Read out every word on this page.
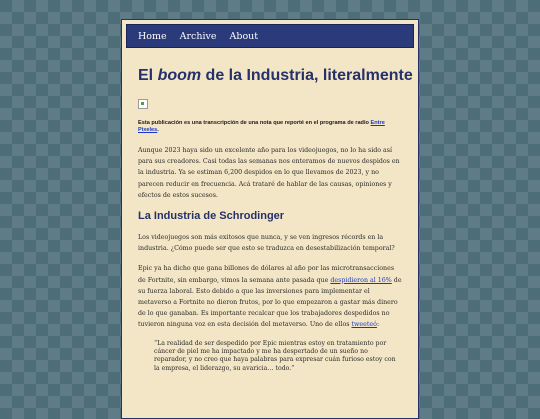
Home Archive About
El boom de la Industria, literalmente

Esta publicación es una transcripción de una nota que reporté en el programa de radio Entre Pixeles.

Aunque 2023 haya sido un excelente año para los videojuegos, no lo ha sido así para sus creadores. Casi todas las semanas nos enteramos de nuevos despidos en la industria. Ya se estiman 6,200 despidos en lo que llevamos de 2023, y no parecen reducir en frecuencia. Acá trataré de hablar de las causas, opiniones y efectos de estos sucesos.

La Industria de Schrodinger

Los videojuegos son más exitosos que nunca, y se ven ingresos récords en la industria. ¿Cómo puede ser que esto se traduzca en desestabilización temporal?

Epic ya ha dicho que gana billones de dólares al año por las microtransacciones de Fortnite, sin embargo, vimos la semana ante pasada que despidieron al 16% de su fuerza laboral. Esto debido a que las inversiones para implementar el metaverso a Fortnite no dieron frutos, por lo que empezaron a gastar más dinero de lo que ganaban. Es importante recalcar que los trabajadores despedidos no tuvieron ninguna voz en esta decisión del metaverso. Uno de ellos tweeteó:

“La realidad de ser despedido por Epic mientras estoy en tratamiento por cáncer de piel me ha impactado y me ha despertado de un sueño no reparador, y no creo que haya palabras para expresar cuán furioso estoy con la empresa, el liderazgo, su avaricia… todo.”
